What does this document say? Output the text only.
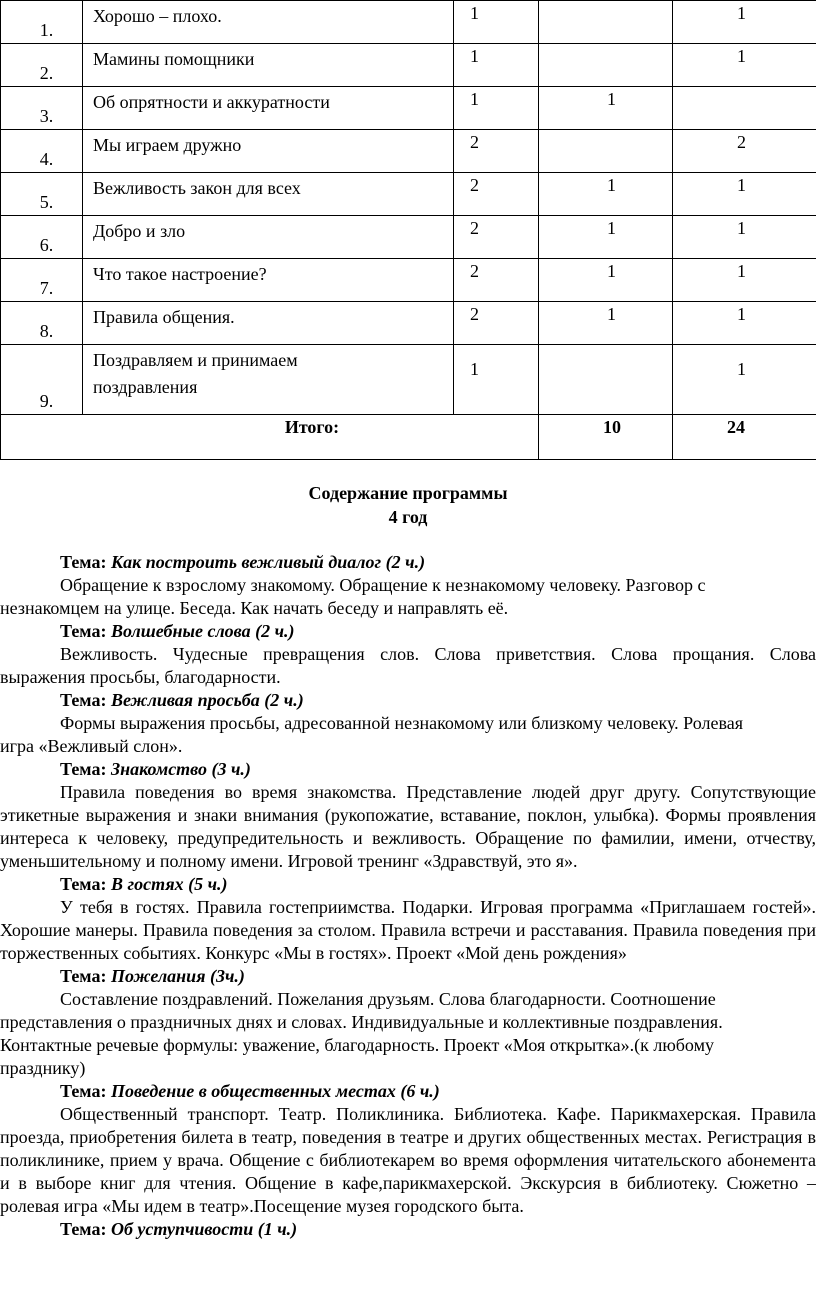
1.	Хорошо – плохо.	1		1
2.	Мамины помощники	1		1
3.	Об опрятности и аккуратности	1	1	
4.	Мы играем дружно	2		2
5.	Вежливость закон для всех	2	1	1
6.	Добро и зло	2	1	1
7.	Что такое настроение?	2	1	1
8.	Правила общения.	2	1	1
9.	Поздравляем и принимаем
поздравления	1		1
Итого:			10	24
Содержание программы
4 год
Тема: Как построить вежливый диалог (2 ч.)
Обращение к взрослому знакомому. Обращение к незнакомому человеку. Разговор с
незнакомцем на улице. Беседа. Как начать беседу и направлять её.
Тема: Волшебные слова (2 ч.)
Вежливость. Чудесные превращения слов. Слова приветствия. Слова прощания. Слова выражения просьбы, благодарности.
Тема: Вежливая просьба (2 ч.)
Формы выражения просьбы, адресованной незнакомому или близкому человеку. Ролевая
игра «Вежливый слон».
Тема: Знакомство (3 ч.)
Правила поведения во время знакомства. Представление людей друг другу. Сопутствующие этикетные выражения и знаки внимания (рукопожатие, вставание, поклон, улыбка). Формы проявления интереса к человеку, предупредительность и вежливость. Обращение по фамилии, имени, отчеству, уменьшительному и полному имени. Игровой тренинг «Здравствуй, это я».
Тема: В гостях (5 ч.)
У тебя в гостях. Правила гостеприимства. Подарки. Игровая программа «Приглашаем гостей». Хорошие манеры. Правила поведения за столом. Правила встречи и расставания. Правила поведения при торжественных событиях. Конкурс «Мы в гостях». Проект «Мой день рождения»
Тема: Пожелания (3ч.)
Составление поздравлений. Пожелания друзьям. Слова благодарности. Соотношение
представления о праздничных днях и словах. Индивидуальные и коллективные поздравления.
Контактные речевые формулы: уважение, благодарность. Проект «Моя открытка».(к любому
празднику)
Тема: Поведение в общественных местах (6 ч.)
Общественный транспорт. Театр. Поликлиника. Библиотека. Кафе. Парикмахерская. Правила проезда, приобретения билета в театр, поведения в театре и других общественных местах. Регистрация в поликлинике, прием у врача. Общение с библиотекарем во время оформления читательского абонемента и в выборе книг для чтения. Общение в кафе,парикмахерской. Экскурсия в библиотеку. Сюжетно – ролевая игра «Мы идем в театр».Посещение музея городского быта.
Тема: Об уступчивости (1 ч.)
